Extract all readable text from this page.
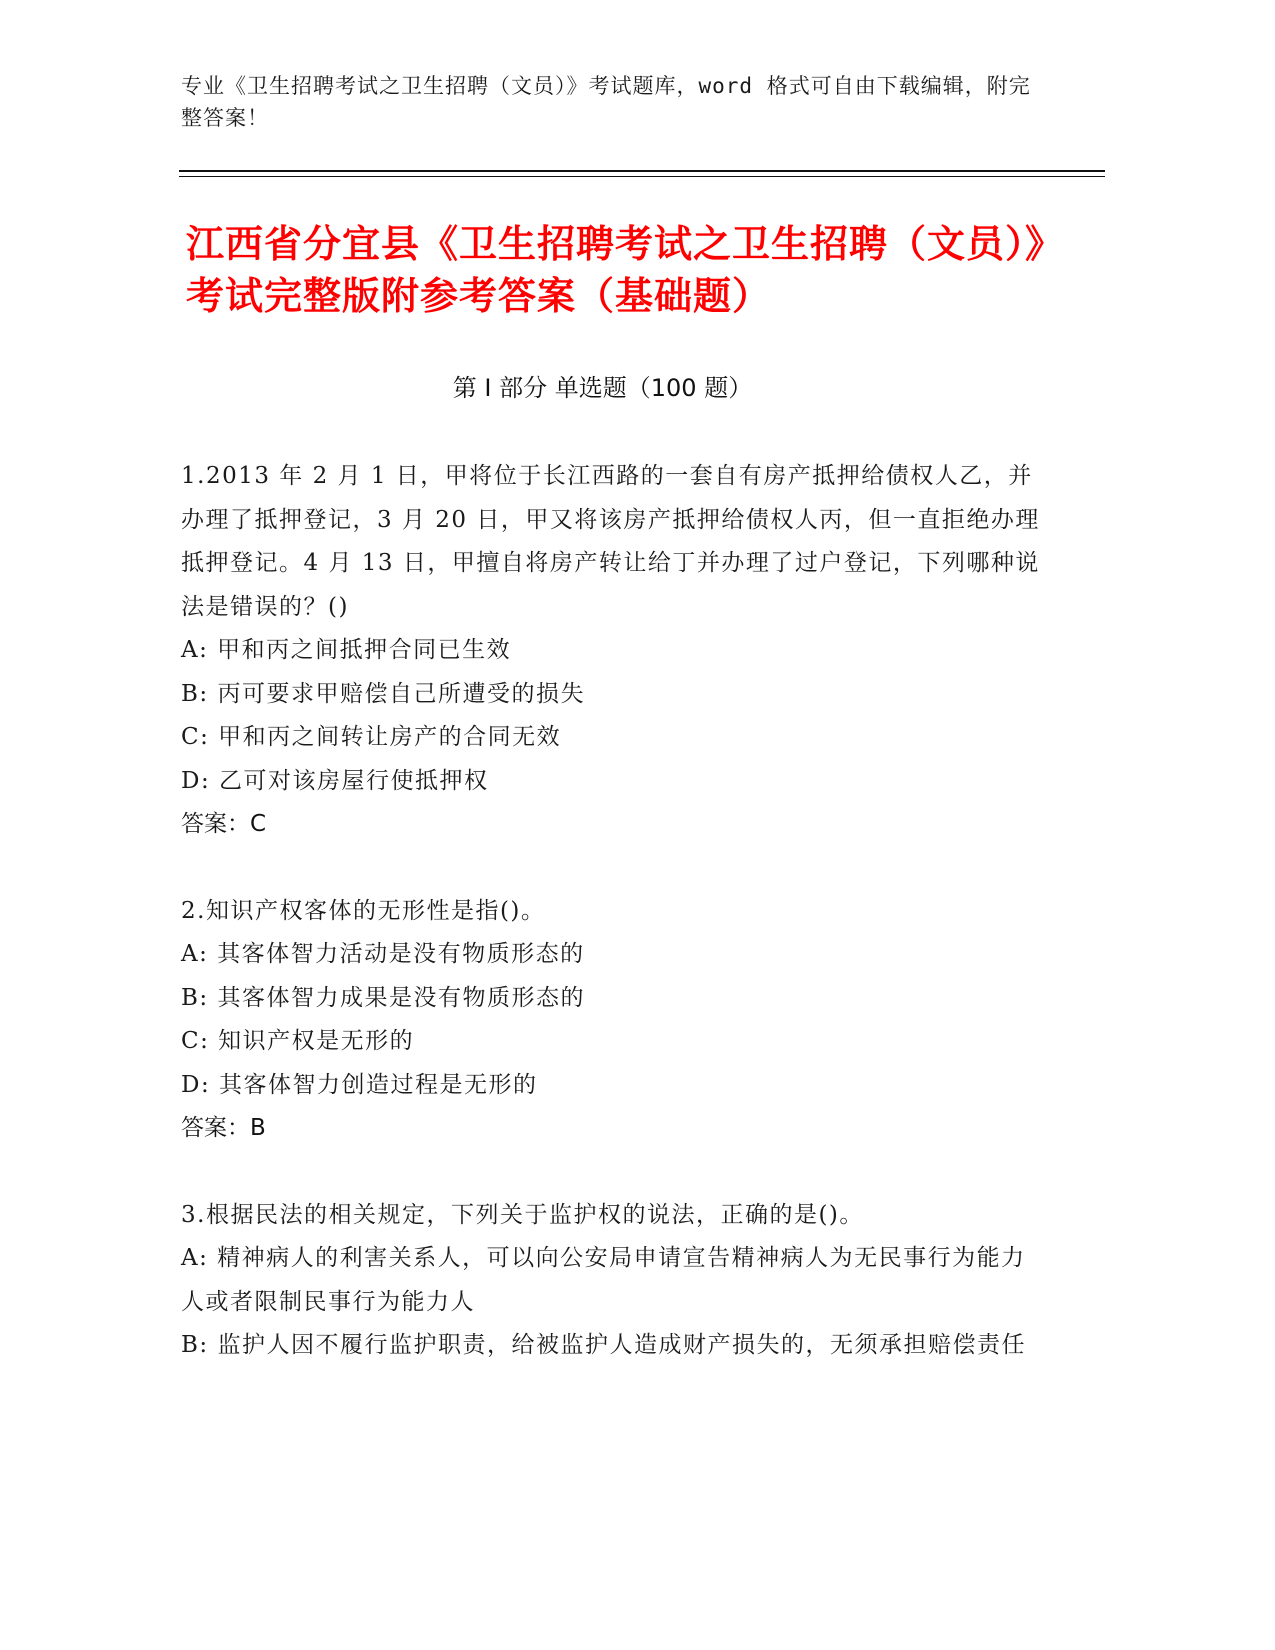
专业《卫生招聘考试之卫生招聘（文员）》考试题库，word 格式可自由下载编辑，附完整答案！
江西省分宜县《卫生招聘考试之卫生招聘（文员）》考试完整版附参考答案（基础题）
第 I 部分 单选题（100 题）
1.2013 年 2 月 1 日，甲将位于长江西路的一套自有房产抵押给债权人乙，并办理了抵押登记，3 月 20 日，甲又将该房产抵押给债权人丙，但一直拒绝办理抵押登记。4 月 13 日，甲擅自将房产转让给丁并办理了过户登记，下列哪种说法是错误的？()
A: 甲和丙之间抵押合同已生效
B: 丙可要求甲赔偿自己所遭受的损失
C: 甲和丙之间转让房产的合同无效
D: 乙可对该房屋行使抵押权
答案：C
2.知识产权客体的无形性是指()。
A: 其客体智力活动是没有物质形态的
B: 其客体智力成果是没有物质形态的
C: 知识产权是无形的
D: 其客体智力创造过程是无形的
答案：B
3.根据民法的相关规定，下列关于监护权的说法，正确的是()。
A: 精神病人的利害关系人，可以向公安局申请宣告精神病人为无民事行为能力人或者限制民事行为能力人
B: 监护人因不履行监护职责，给被监护人造成财产损失的，无须承担赔偿责任
